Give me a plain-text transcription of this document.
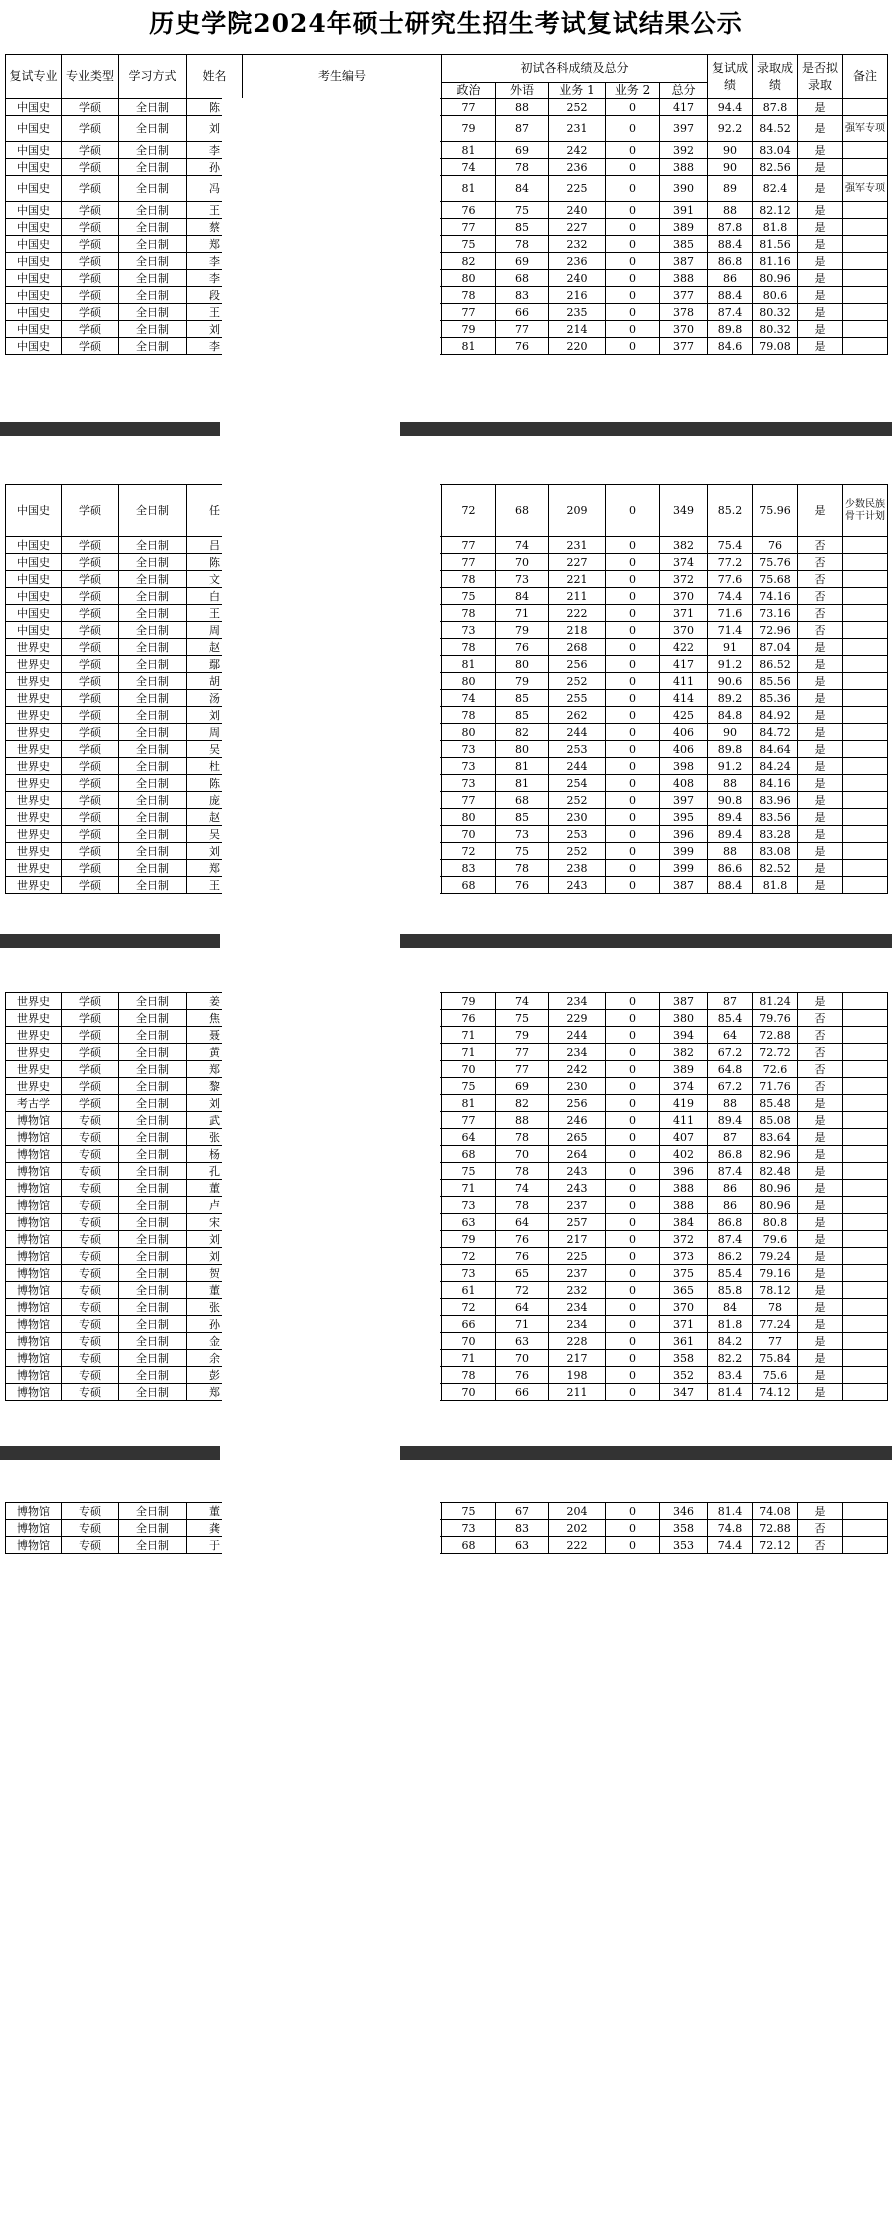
历史学院2024年硕士研究生招生考试复试结果公示
复试专业	专业类型	学习方式	姓名	考生编号	初试各科成绩及总分					复试成绩	录取成绩	是否拟录取	备注
					政治	外语	业务 1	业务 2	总分				
中国史	学硕	全日制	陈		77	88	252	0	417	94.4	87.8	是	
中国史	学硕	全日制	刘		79	87	231	0	397	92.2	84.52	是	强军专项
中国史	学硕	全日制	李		81	69	242	0	392	90	83.04	是	
中国史	学硕	全日制	孙		74	78	236	0	388	90	82.56	是	
中国史	学硕	全日制	冯		81	84	225	0	390	89	82.4	是	强军专项
中国史	学硕	全日制	王		76	75	240	0	391	88	82.12	是	
中国史	学硕	全日制	蔡		77	85	227	0	389	87.8	81.8	是	
中国史	学硕	全日制	郑		75	78	232	0	385	88.4	81.56	是	
中国史	学硕	全日制	李		82	69	236	0	387	86.8	81.16	是	
中国史	学硕	全日制	李		80	68	240	0	388	86	80.96	是	
中国史	学硕	全日制	段		78	83	216	0	377	88.4	80.6	是	
中国史	学硕	全日制	王		77	66	235	0	378	87.4	80.32	是	
中国史	学硕	全日制	刘		79	77	214	0	370	89.8	80.32	是	
中国史	学硕	全日制	李		81	76	220	0	377	84.6	79.08	是	
中国史	学硕	全日制	任		72	68	209	0	349	85.2	75.96	是	少数民族骨干计划
中国史	学硕	全日制	吕		77	74	231	0	382	75.4	76	否	
中国史	学硕	全日制	陈		77	70	227	0	374	77.2	75.76	否	
中国史	学硕	全日制	文		78	73	221	0	372	77.6	75.68	否	
中国史	学硕	全日制	白		75	84	211	0	370	74.4	74.16	否	
中国史	学硕	全日制	王		78	71	222	0	371	71.6	73.16	否	
中国史	学硕	全日制	周		73	79	218	0	370	71.4	72.96	否	
世界史	学硕	全日制	赵		78	76	268	0	422	91	87.04	是	
世界史	学硕	全日制	鄢		81	80	256	0	417	91.2	86.52	是	
世界史	学硕	全日制	胡		80	79	252	0	411	90.6	85.56	是	
世界史	学硕	全日制	汤		74	85	255	0	414	89.2	85.36	是	
世界史	学硕	全日制	刘		78	85	262	0	425	84.8	84.92	是	
世界史	学硕	全日制	周		80	82	244	0	406	90	84.72	是	
世界史	学硕	全日制	吴		73	80	253	0	406	89.8	84.64	是	
世界史	学硕	全日制	杜		73	81	244	0	398	91.2	84.24	是	
世界史	学硕	全日制	陈		73	81	254	0	408	88	84.16	是	
世界史	学硕	全日制	庞		77	68	252	0	397	90.8	83.96	是	
世界史	学硕	全日制	赵		80	85	230	0	395	89.4	83.56	是	
世界史	学硕	全日制	吴		70	73	253	0	396	89.4	83.28	是	
世界史	学硕	全日制	刘		72	75	252	0	399	88	83.08	是	
世界史	学硕	全日制	郑		83	78	238	0	399	86.6	82.52	是	
世界史	学硕	全日制	王		68	76	243	0	387	88.4	81.8	是	
世界史	学硕	全日制	姜		79	74	234	0	387	87	81.24	是	
世界史	学硕	全日制	焦		76	75	229	0	380	85.4	79.76	否	
世界史	学硕	全日制	聂		71	79	244	0	394	64	72.88	否	
世界史	学硕	全日制	黄		71	77	234	0	382	67.2	72.72	否	
世界史	学硕	全日制	郑		70	77	242	0	389	64.8	72.6	否	
世界史	学硕	全日制	黎		75	69	230	0	374	67.2	71.76	否	
考古学	学硕	全日制	刘		81	82	256	0	419	88	85.48	是	
博物馆	专硕	全日制	武		77	88	246	0	411	89.4	85.08	是	
博物馆	专硕	全日制	张		64	78	265	0	407	87	83.64	是	
博物馆	专硕	全日制	杨		68	70	264	0	402	86.8	82.96	是	
博物馆	专硕	全日制	孔		75	78	243	0	396	87.4	82.48	是	
博物馆	专硕	全日制	董		71	74	243	0	388	86	80.96	是	
博物馆	专硕	全日制	卢		73	78	237	0	388	86	80.96	是	
博物馆	专硕	全日制	宋		63	64	257	0	384	86.8	80.8	是	
博物馆	专硕	全日制	刘		79	76	217	0	372	87.4	79.6	是	
博物馆	专硕	全日制	刘		72	76	225	0	373	86.2	79.24	是	
博物馆	专硕	全日制	贺		73	65	237	0	375	85.4	79.16	是	
博物馆	专硕	全日制	董		61	72	232	0	365	85.8	78.12	是	
博物馆	专硕	全日制	张		72	64	234	0	370	84	78	是	
博物馆	专硕	全日制	孙		66	71	234	0	371	81.8	77.24	是	
博物馆	专硕	全日制	金		70	63	228	0	361	84.2	77	是	
博物馆	专硕	全日制	余		71	70	217	0	358	82.2	75.84	是	
博物馆	专硕	全日制	彭		78	76	198	0	352	83.4	75.6	是	
博物馆	专硕	全日制	郑		70	66	211	0	347	81.4	74.12	是	
博物馆	专硕	全日制	董		75	67	204	0	346	81.4	74.08	是	
博物馆	专硕	全日制	龚		73	83	202	0	358	74.8	72.88	否	
博物馆	专硕	全日制	于		68	63	222	0	353	74.4	72.12	否	
